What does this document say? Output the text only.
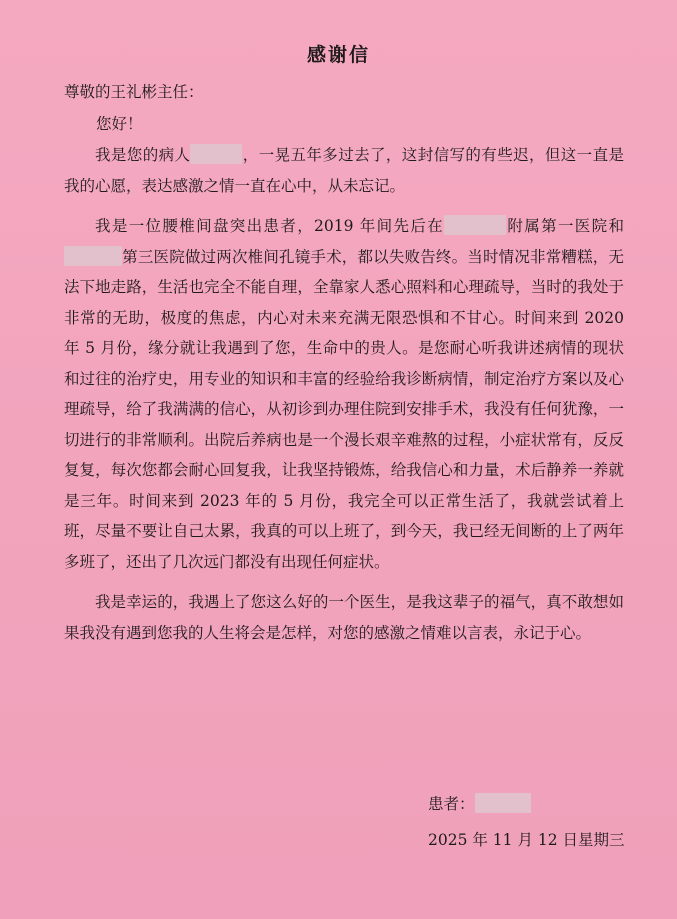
感谢信

尊敬的王礼彬主任：

您好！

我是您的病人	，一晃五年多过去了，这封信写的有些迟，但这一直是我的心愿，表达感激之情一直在心中，从未忘记。

我是一位腰椎间盘突出患者，2019 年间先后在	附属第一医院和第三医院做过两次椎间孔镜手术，都以失败告终。当时情况非常糟糕，无法下地走路，生活也完全不能自理，全靠家人悉心照料和心理疏导，当时的我处于非常的无助，极度的焦虑，内心对未来充满无限恐惧和不甘心。时间来到 2020 年 5 月份，缘分就让我遇到了您，生命中的贵人。是您耐心听我讲述病情的现状和过往的治疗史，用专业的知识和丰富的经验给我诊断病情，制定治疗方案以及心理疏导，给了我满满的信心，从初诊到办理住院到安排手术，我没有任何犹豫，一切进行的非常顺利。出院后养病也是一个漫长艰辛难熬的过程，小症状常有，反反复复，每次您都会耐心回复我，让我坚持锻炼，给我信心和力量，术后静养一养就是三年。时间来到 2023 年的 5 月份，我完全可以正常生活了，我就尝试着上班，尽量不要让自己太累，我真的可以上班了，到今天，我已经无间断的上了两年多班了，还出了几次远门都没有出现任何症状。

我是幸运的，我遇上了您这么好的一个医生，是我这辈子的福气，真不敢想如果我没有遇到您我的人生将会是怎样，对您的感激之情难以言表，永记于心。

患者：

2025 年 11 月 12 日星期三
